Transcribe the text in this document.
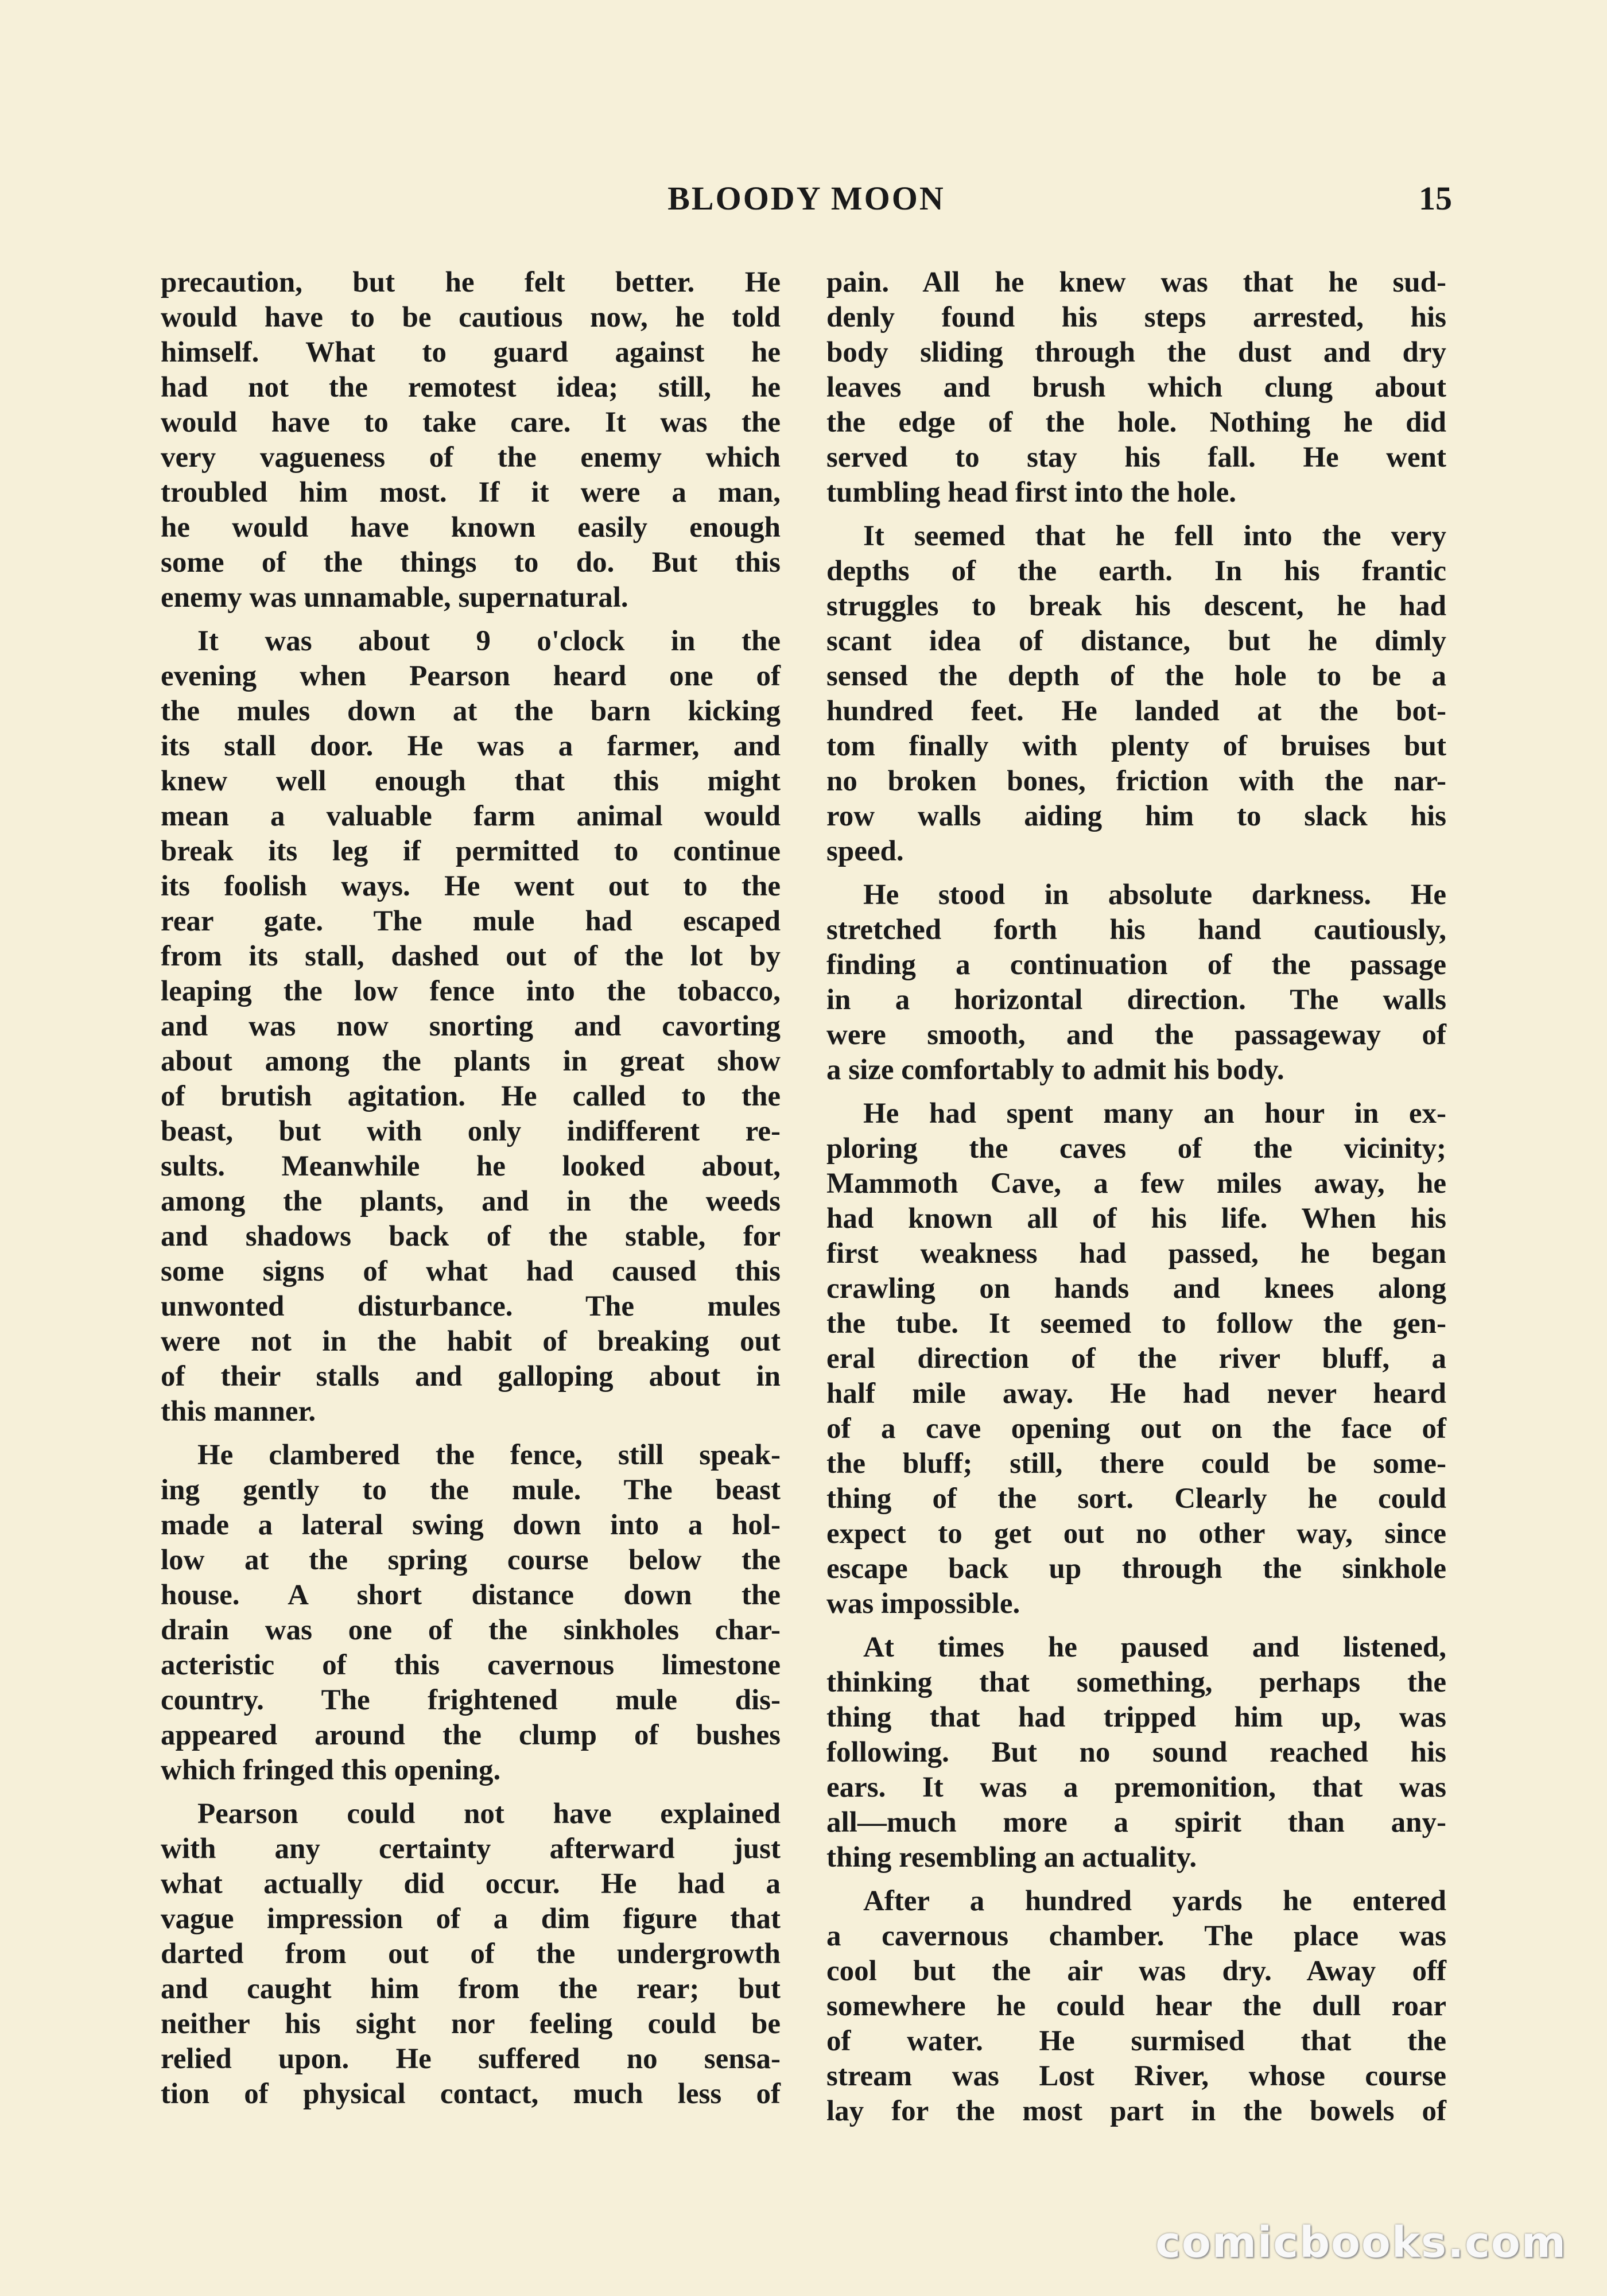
BLOODY MOON	15
precaution, but he felt better. He
would have to be cautious now, he told
himself. What to guard against he
had not the remotest idea; still, he
would have to take care. It was the
very vagueness of the enemy which
troubled him most. If it were a man,
he would have known easily enough
some of the things to do. But this
enemy was unnamable, supernatural.
It was about 9 o'clock in the
evening when Pearson heard one of
the mules down at the barn kicking
its stall door. He was a farmer, and
knew well enough that this might
mean a valuable farm animal would
break its leg if permitted to continue
its foolish ways. He went out to the
rear gate. The mule had escaped
from its stall, dashed out of the lot by
leaping the low fence into the tobacco,
and was now snorting and cavorting
about among the plants in great show
of brutish agitation. He called to the
beast, but with only indifferent re-
sults. Meanwhile he looked about,
among the plants, and in the weeds
and shadows back of the stable, for
some signs of what had caused this
unwonted disturbance. The mules
were not in the habit of breaking out
of their stalls and galloping about in
this manner.
He clambered the fence, still speak-
ing gently to the mule. The beast
made a lateral swing down into a hol-
low at the spring course below the
house. A short distance down the
drain was one of the sinkholes char-
acteristic of this cavernous limestone
country. The frightened mule dis-
appeared around the clump of bushes
which fringed this opening.
Pearson could not have explained
with any certainty afterward just
what actually did occur. He had a
vague impression of a dim figure that
darted from out of the undergrowth
and caught him from the rear; but
neither his sight nor feeling could be
relied upon. He suffered no sensa-
tion of physical contact, much less of
pain. All he knew was that he sud-
denly found his steps arrested, his
body sliding through the dust and dry
leaves and brush which clung about
the edge of the hole. Nothing he did
served to stay his fall. He went
tumbling head first into the hole.
It seemed that he fell into the very
depths of the earth. In his frantic
struggles to break his descent, he had
scant idea of distance, but he dimly
sensed the depth of the hole to be a
hundred feet. He landed at the bot-
tom finally with plenty of bruises but
no broken bones, friction with the nar-
row walls aiding him to slack his
speed.
He stood in absolute darkness. He
stretched forth his hand cautiously,
finding a continuation of the passage
in a horizontal direction. The walls
were smooth, and the passageway of
a size comfortably to admit his body.
He had spent many an hour in ex-
ploring the caves of the vicinity;
Mammoth Cave, a few miles away, he
had known all of his life. When his
first weakness had passed, he began
crawling on hands and knees along
the tube. It seemed to follow the gen-
eral direction of the river bluff, a
half mile away. He had never heard
of a cave opening out on the face of
the bluff; still, there could be some-
thing of the sort. Clearly he could
expect to get out no other way, since
escape back up through the sinkhole
was impossible.
At times he paused and listened,
thinking that something, perhaps the
thing that had tripped him up, was
following. But no sound reached his
ears. It was a premonition, that was
all—much more a spirit than any-
thing resembling an actuality.
After a hundred yards he entered
a cavernous chamber. The place was
cool but the air was dry. Away off
somewhere he could hear the dull roar
of water. He surmised that the
stream was Lost River, whose course
lay for the most part in the bowels of
comicbooks.com
